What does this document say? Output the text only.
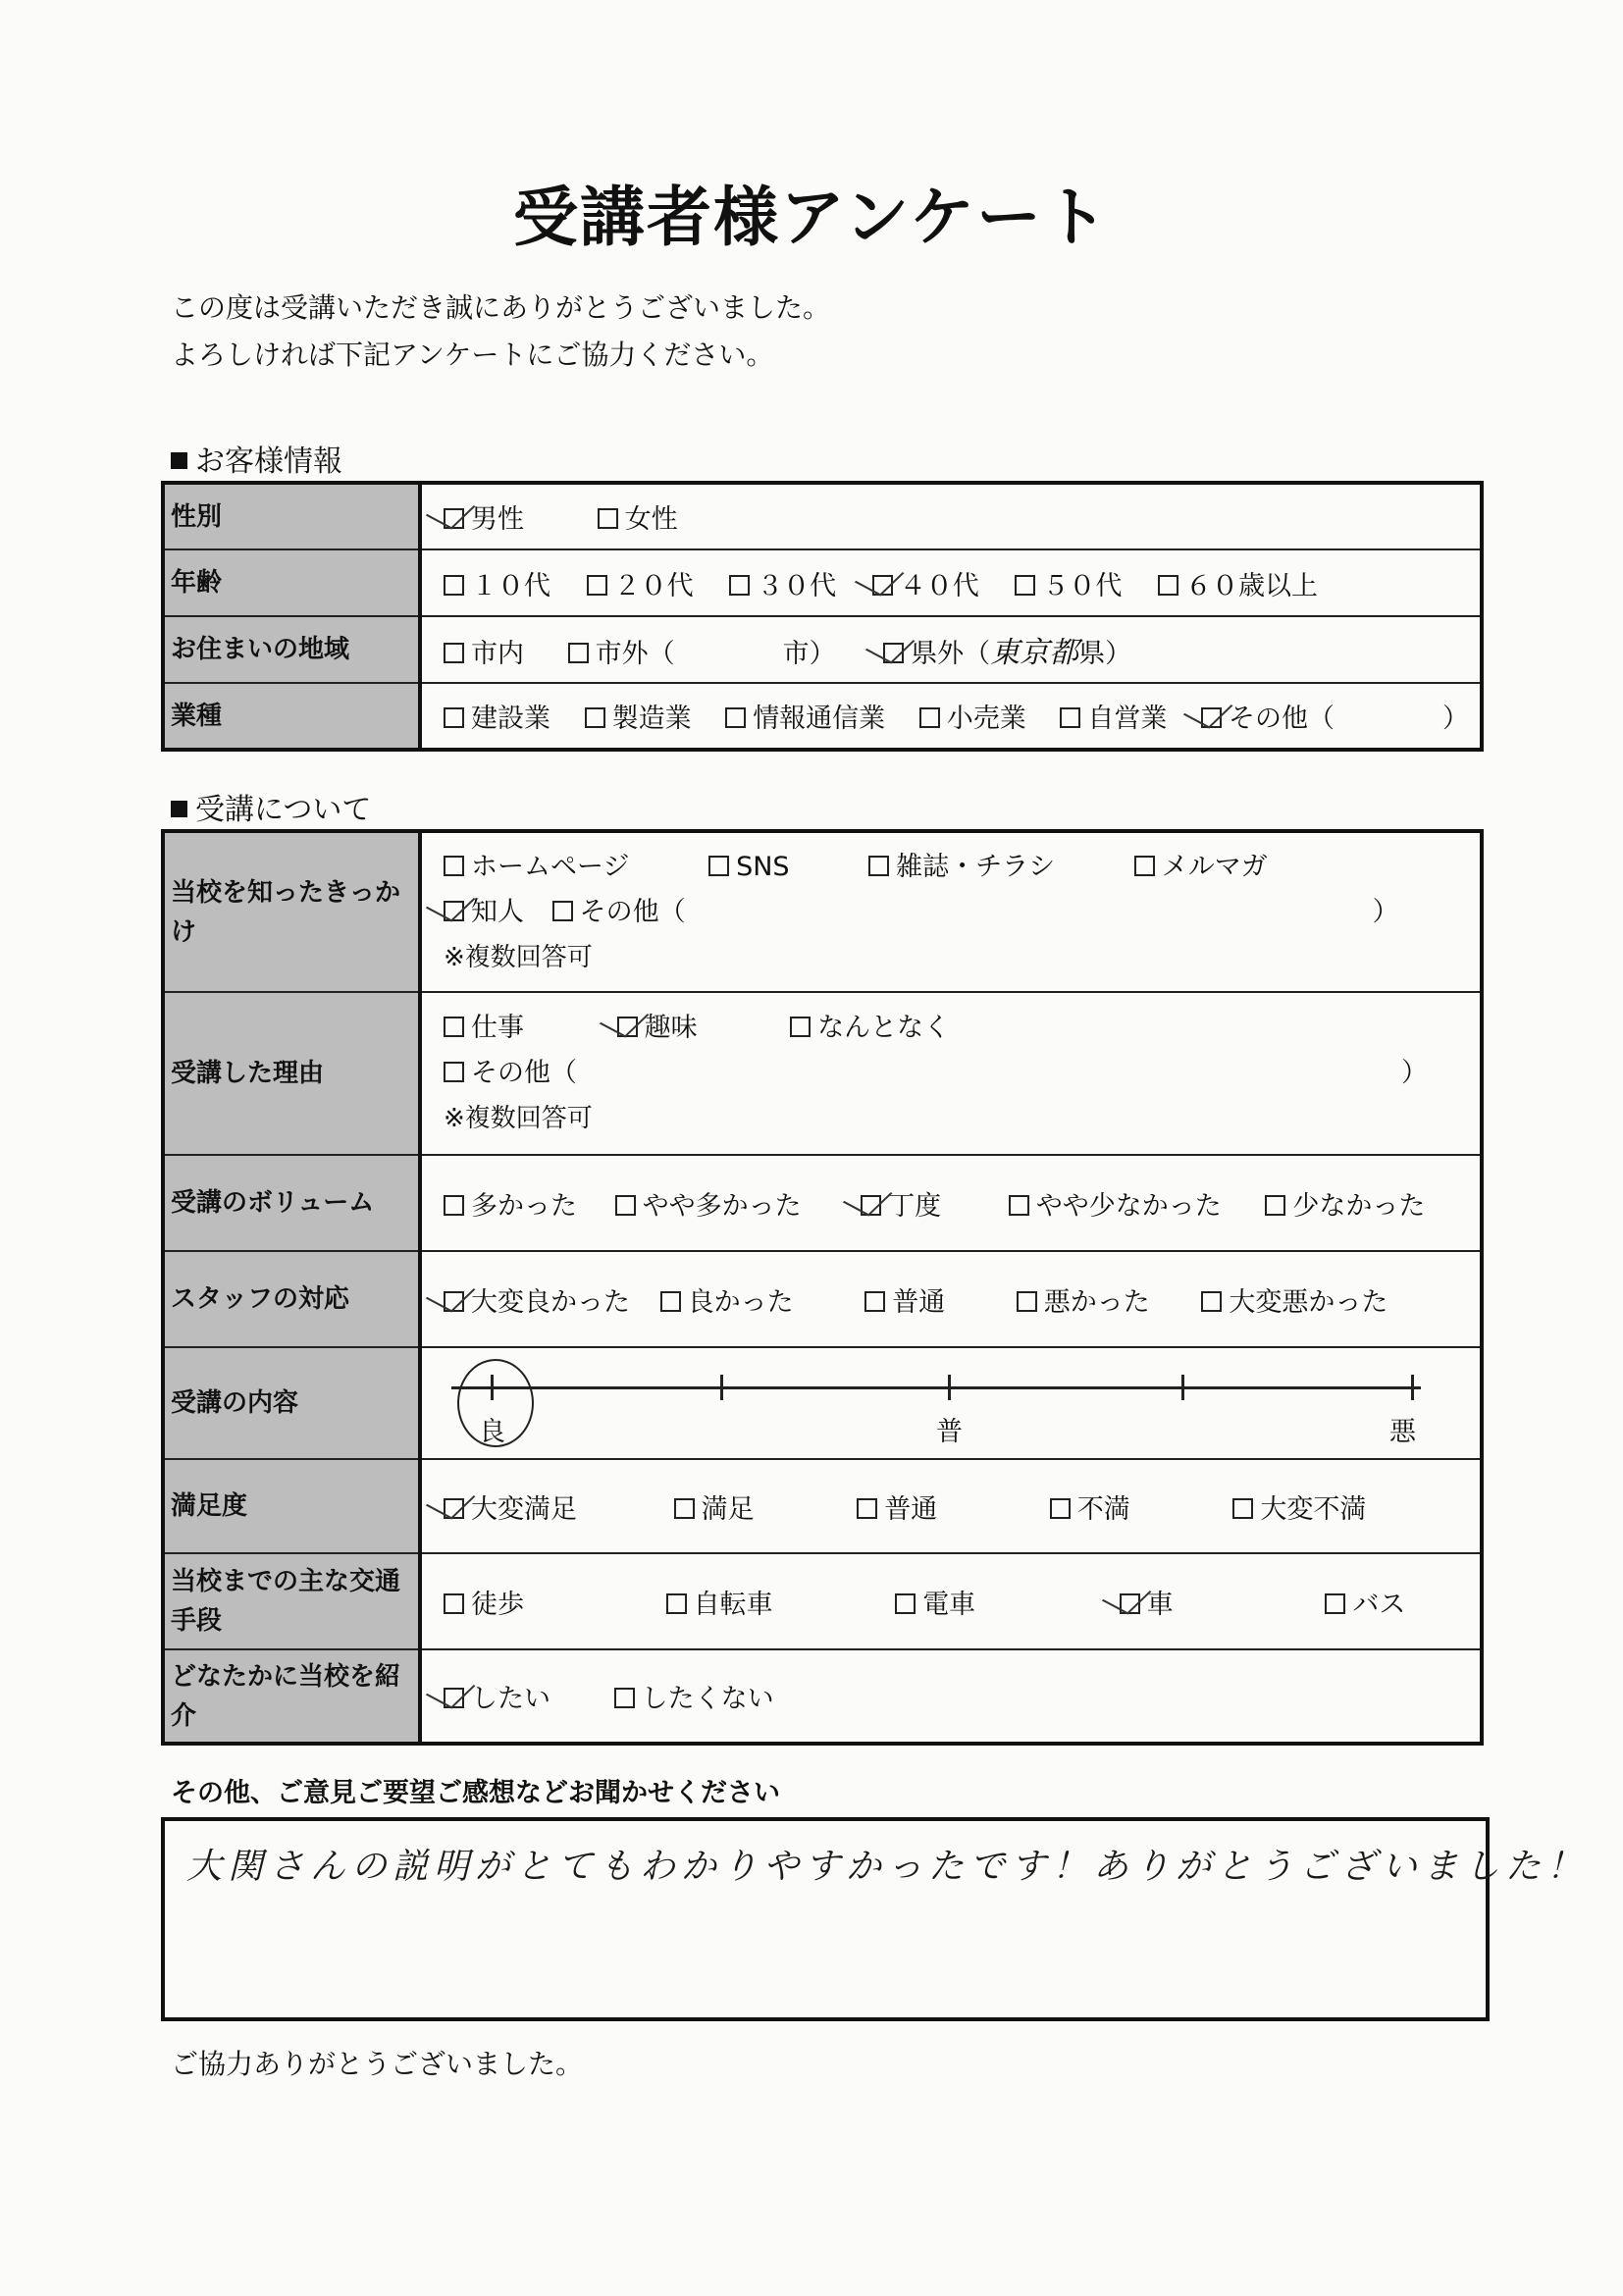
受講者様アンケート
この度は受講いただき誠にありがとうございました。
よろしければ下記アンケートにご協力ください。
お客様情報
性別	男性 女性
年齢	１０代 ２０代 ３０代 ４０代 ５０代 ６０歳以上
お住まいの地域	市内 市外（ 市） 県外（東京都県）
業種	建設業 製造業 情報通信業 小売業 自営業 その他（ ）
受講について
当校を知ったきっかけ	ホームページ SNS 雑誌・チラシ メルマガ
知人 その他（ ）
※複数回答可

受講した理由	仕事 趣味 なんとなく
その他（ ）
※複数回答可

受講のボリューム	多かった やや多かった 丁度 やや少なかった 少なかった
スタッフの対応	大変良かった 良かった 普通 悪かった 大変悪かった
受講の内容	良 普 悪

満足度	大変満足 満足 普通 不満 大変不満
当校までの主な交通手段	徒歩 自転車 電車 車 バス
どなたかに当校を紹介	したい したくない
その他、ご意見ご要望ご感想などお聞かせください
大関さんの説明がとてもわかりやすかったです！ありがとうございました！
ご協力ありがとうございました。
